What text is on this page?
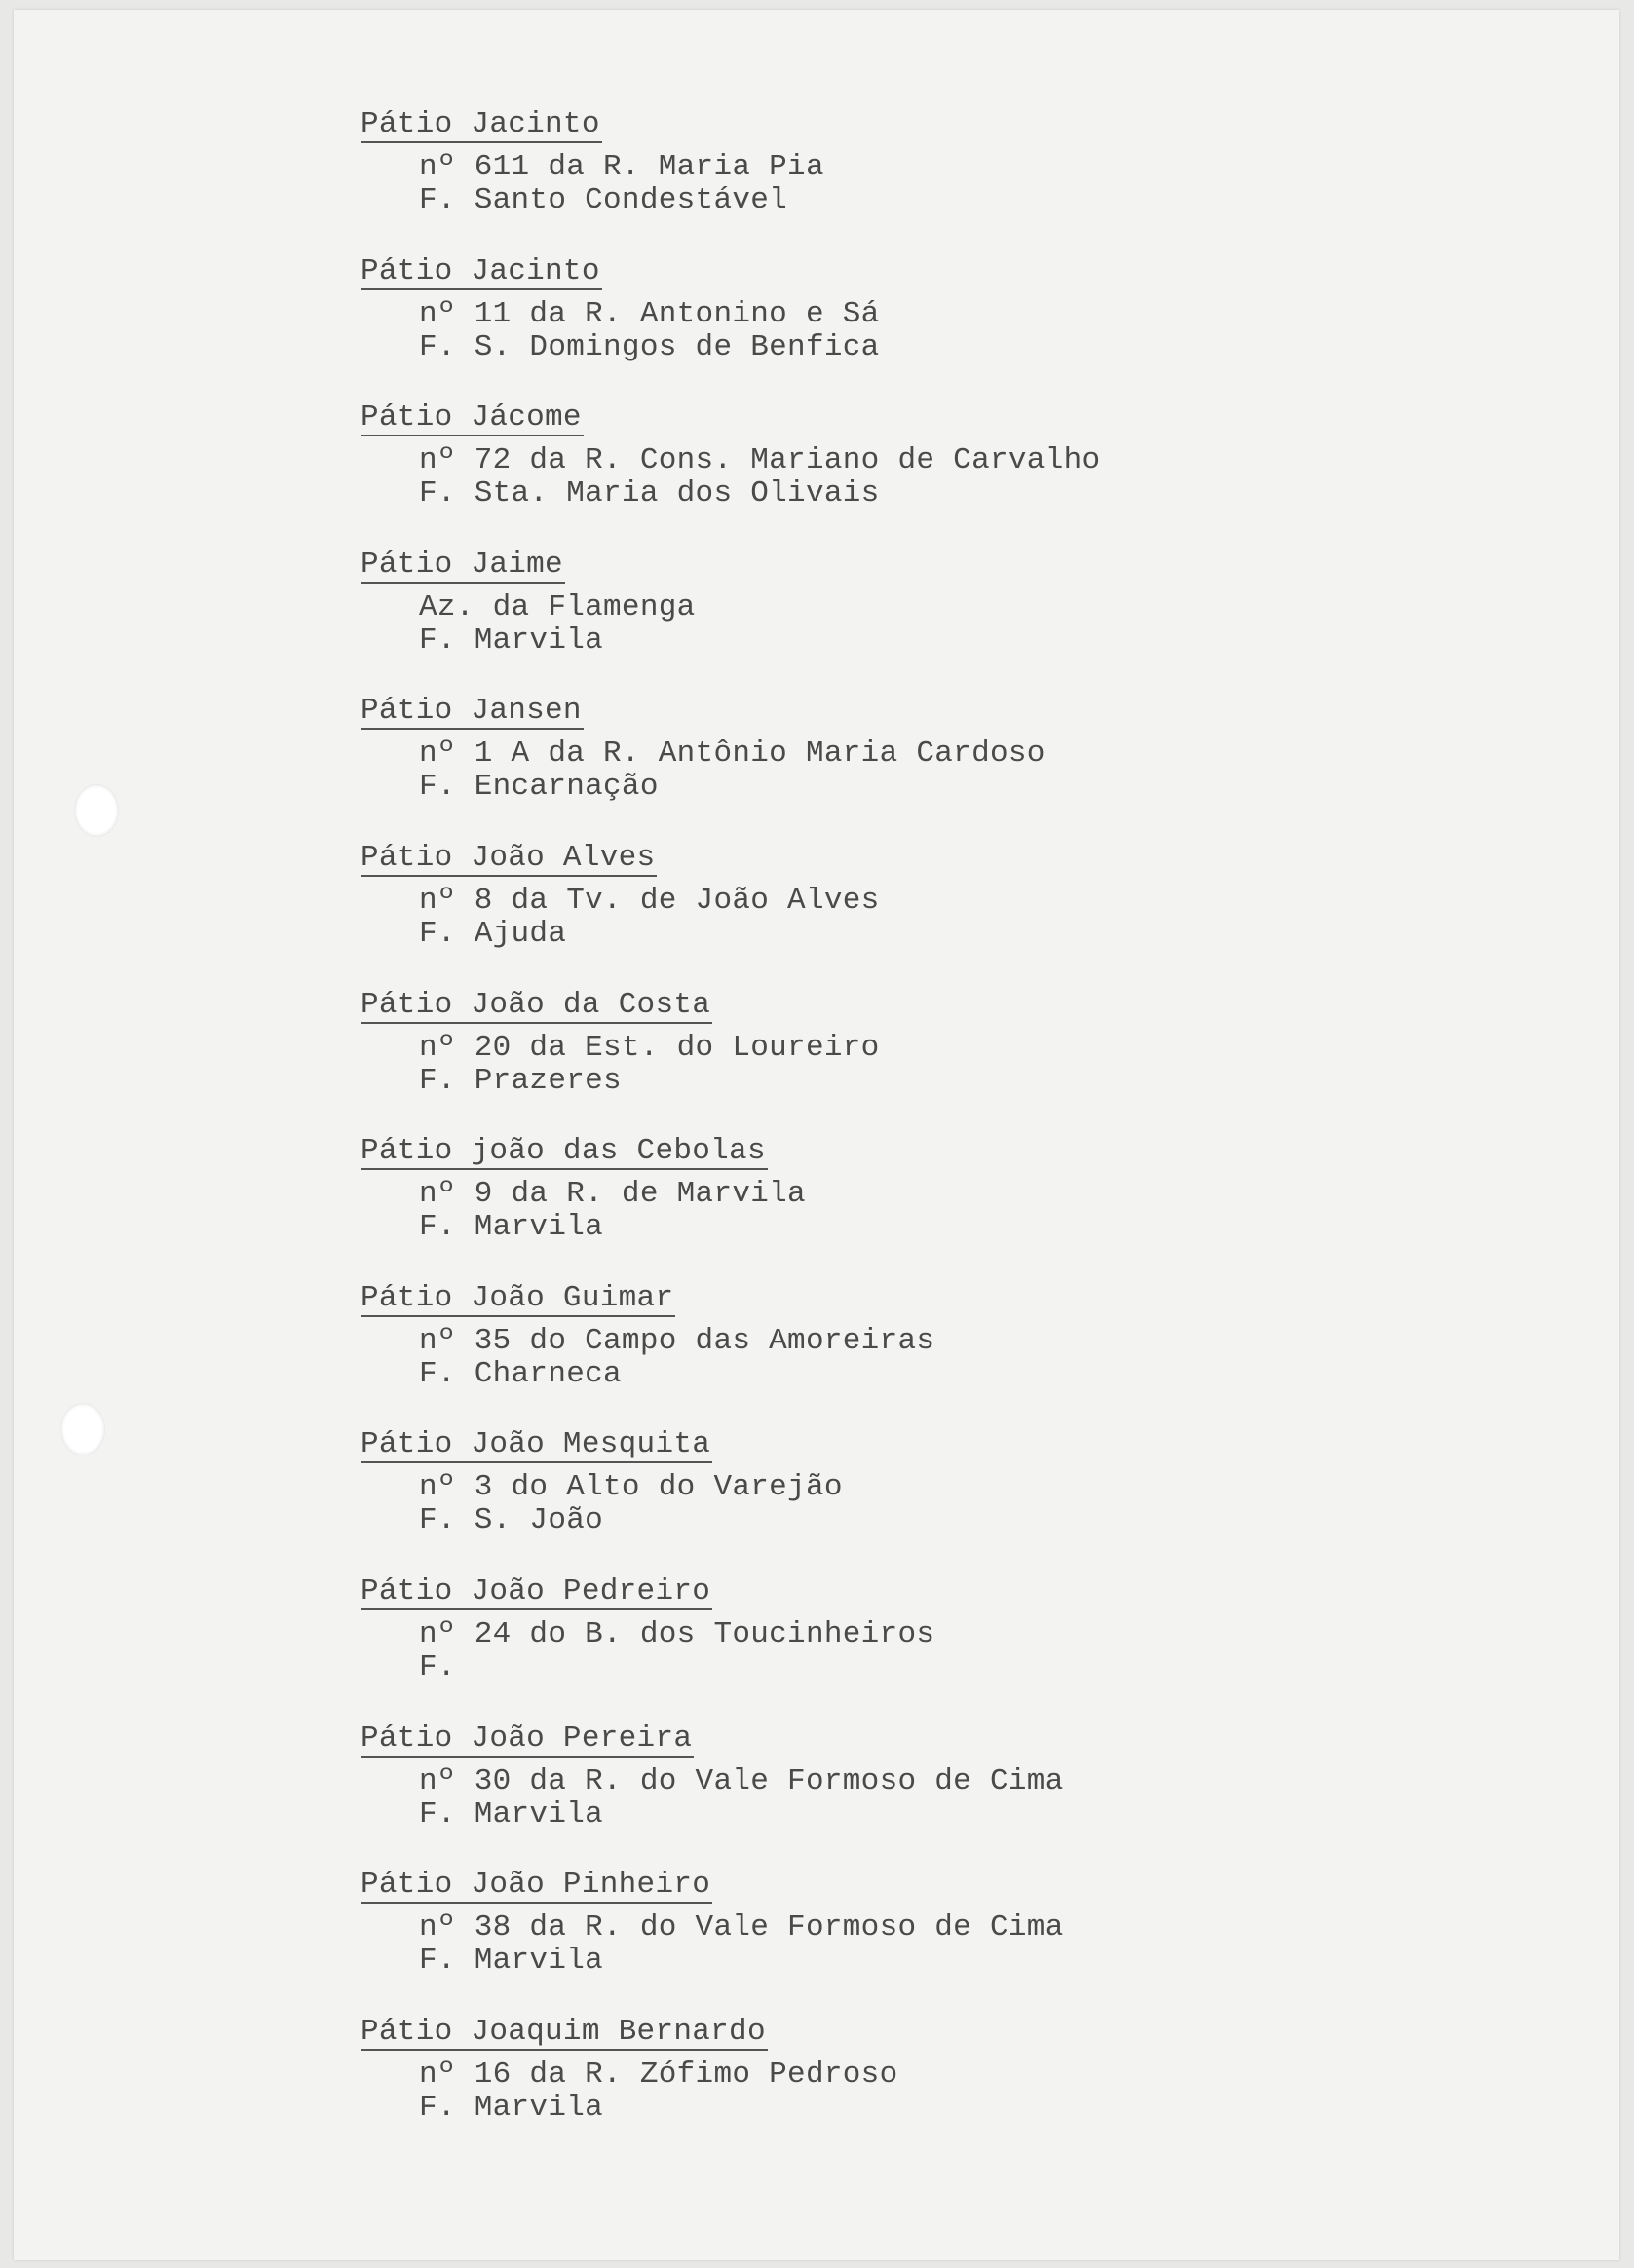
Pátio Jacinto
nº 611 da R. Maria Pia
F. Santo Condestável
Pátio Jacinto
nº 11 da R. Antonino e Sá
F. S. Domingos de Benfica
Pátio Jácome
nº 72 da R. Cons. Mariano de Carvalho
F. Sta. Maria dos Olivais
Pátio Jaime
Az. da Flamenga
F. Marvila
Pátio Jansen
nº 1 A da R. Antônio Maria Cardoso
F. Encarnação
Pátio João Alves
nº 8 da Tv. de João Alves
F. Ajuda
Pátio João da Costa
nº 20 da Est. do Loureiro
F. Prazeres
Pátio joão das Cebolas
nº 9 da R. de Marvila
F. Marvila
Pátio João Guimar
nº 35 do Campo das Amoreiras
F. Charneca
Pátio João Mesquita
nº 3 do Alto do Varejão
F. S. João
Pátio João Pedreiro
nº 24 do B. dos Toucinheiros
F.
Pátio João Pereira
nº 30 da R. do Vale Formoso de Cima
F. Marvila
Pátio João Pinheiro
nº 38 da R. do Vale Formoso de Cima
F. Marvila
Pátio Joaquim Bernardo
nº 16 da R. Zófimo Pedroso
F. Marvila
